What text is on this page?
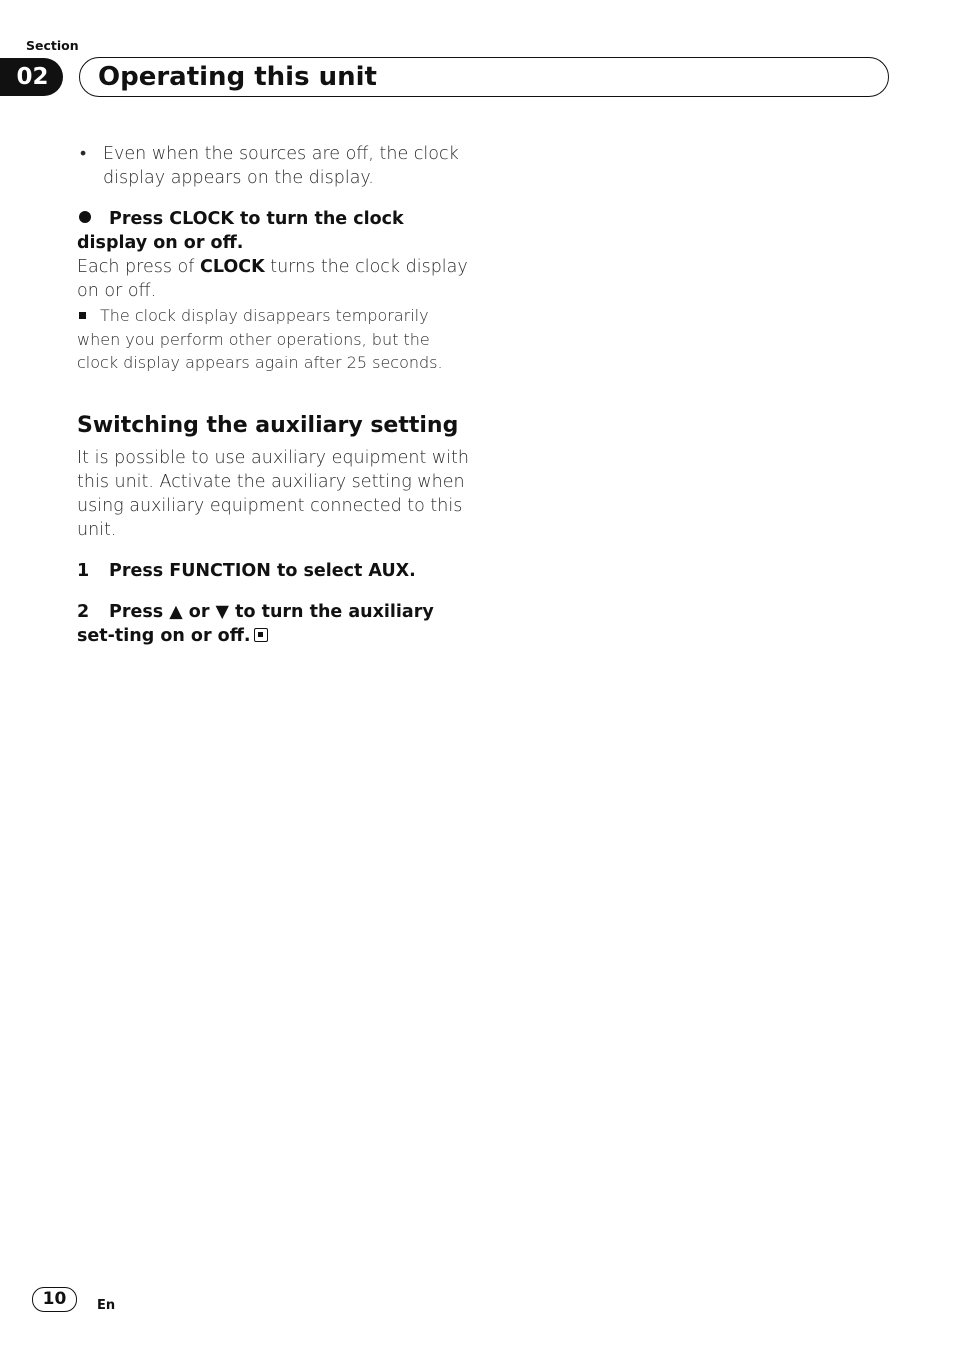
Section
02	Operating this unit
• Even when the sources are off, the clock display appears on the display.

Press CLOCK to turn the clock display on or off.

Each press of CLOCK turns the clock display on or off.

The clock display disappears temporarily when you perform other operations, but the clock display appears again after 25 seconds.

Switching the auxiliary setting

It is possible to use auxiliary equipment with this unit. Activate the auxiliary setting when using auxiliary equipment connected to this unit.

1 Press FUNCTION to select AUX.

2 Press ▲ or ▼ to turn the auxiliary set-ting on or off.

10	En
